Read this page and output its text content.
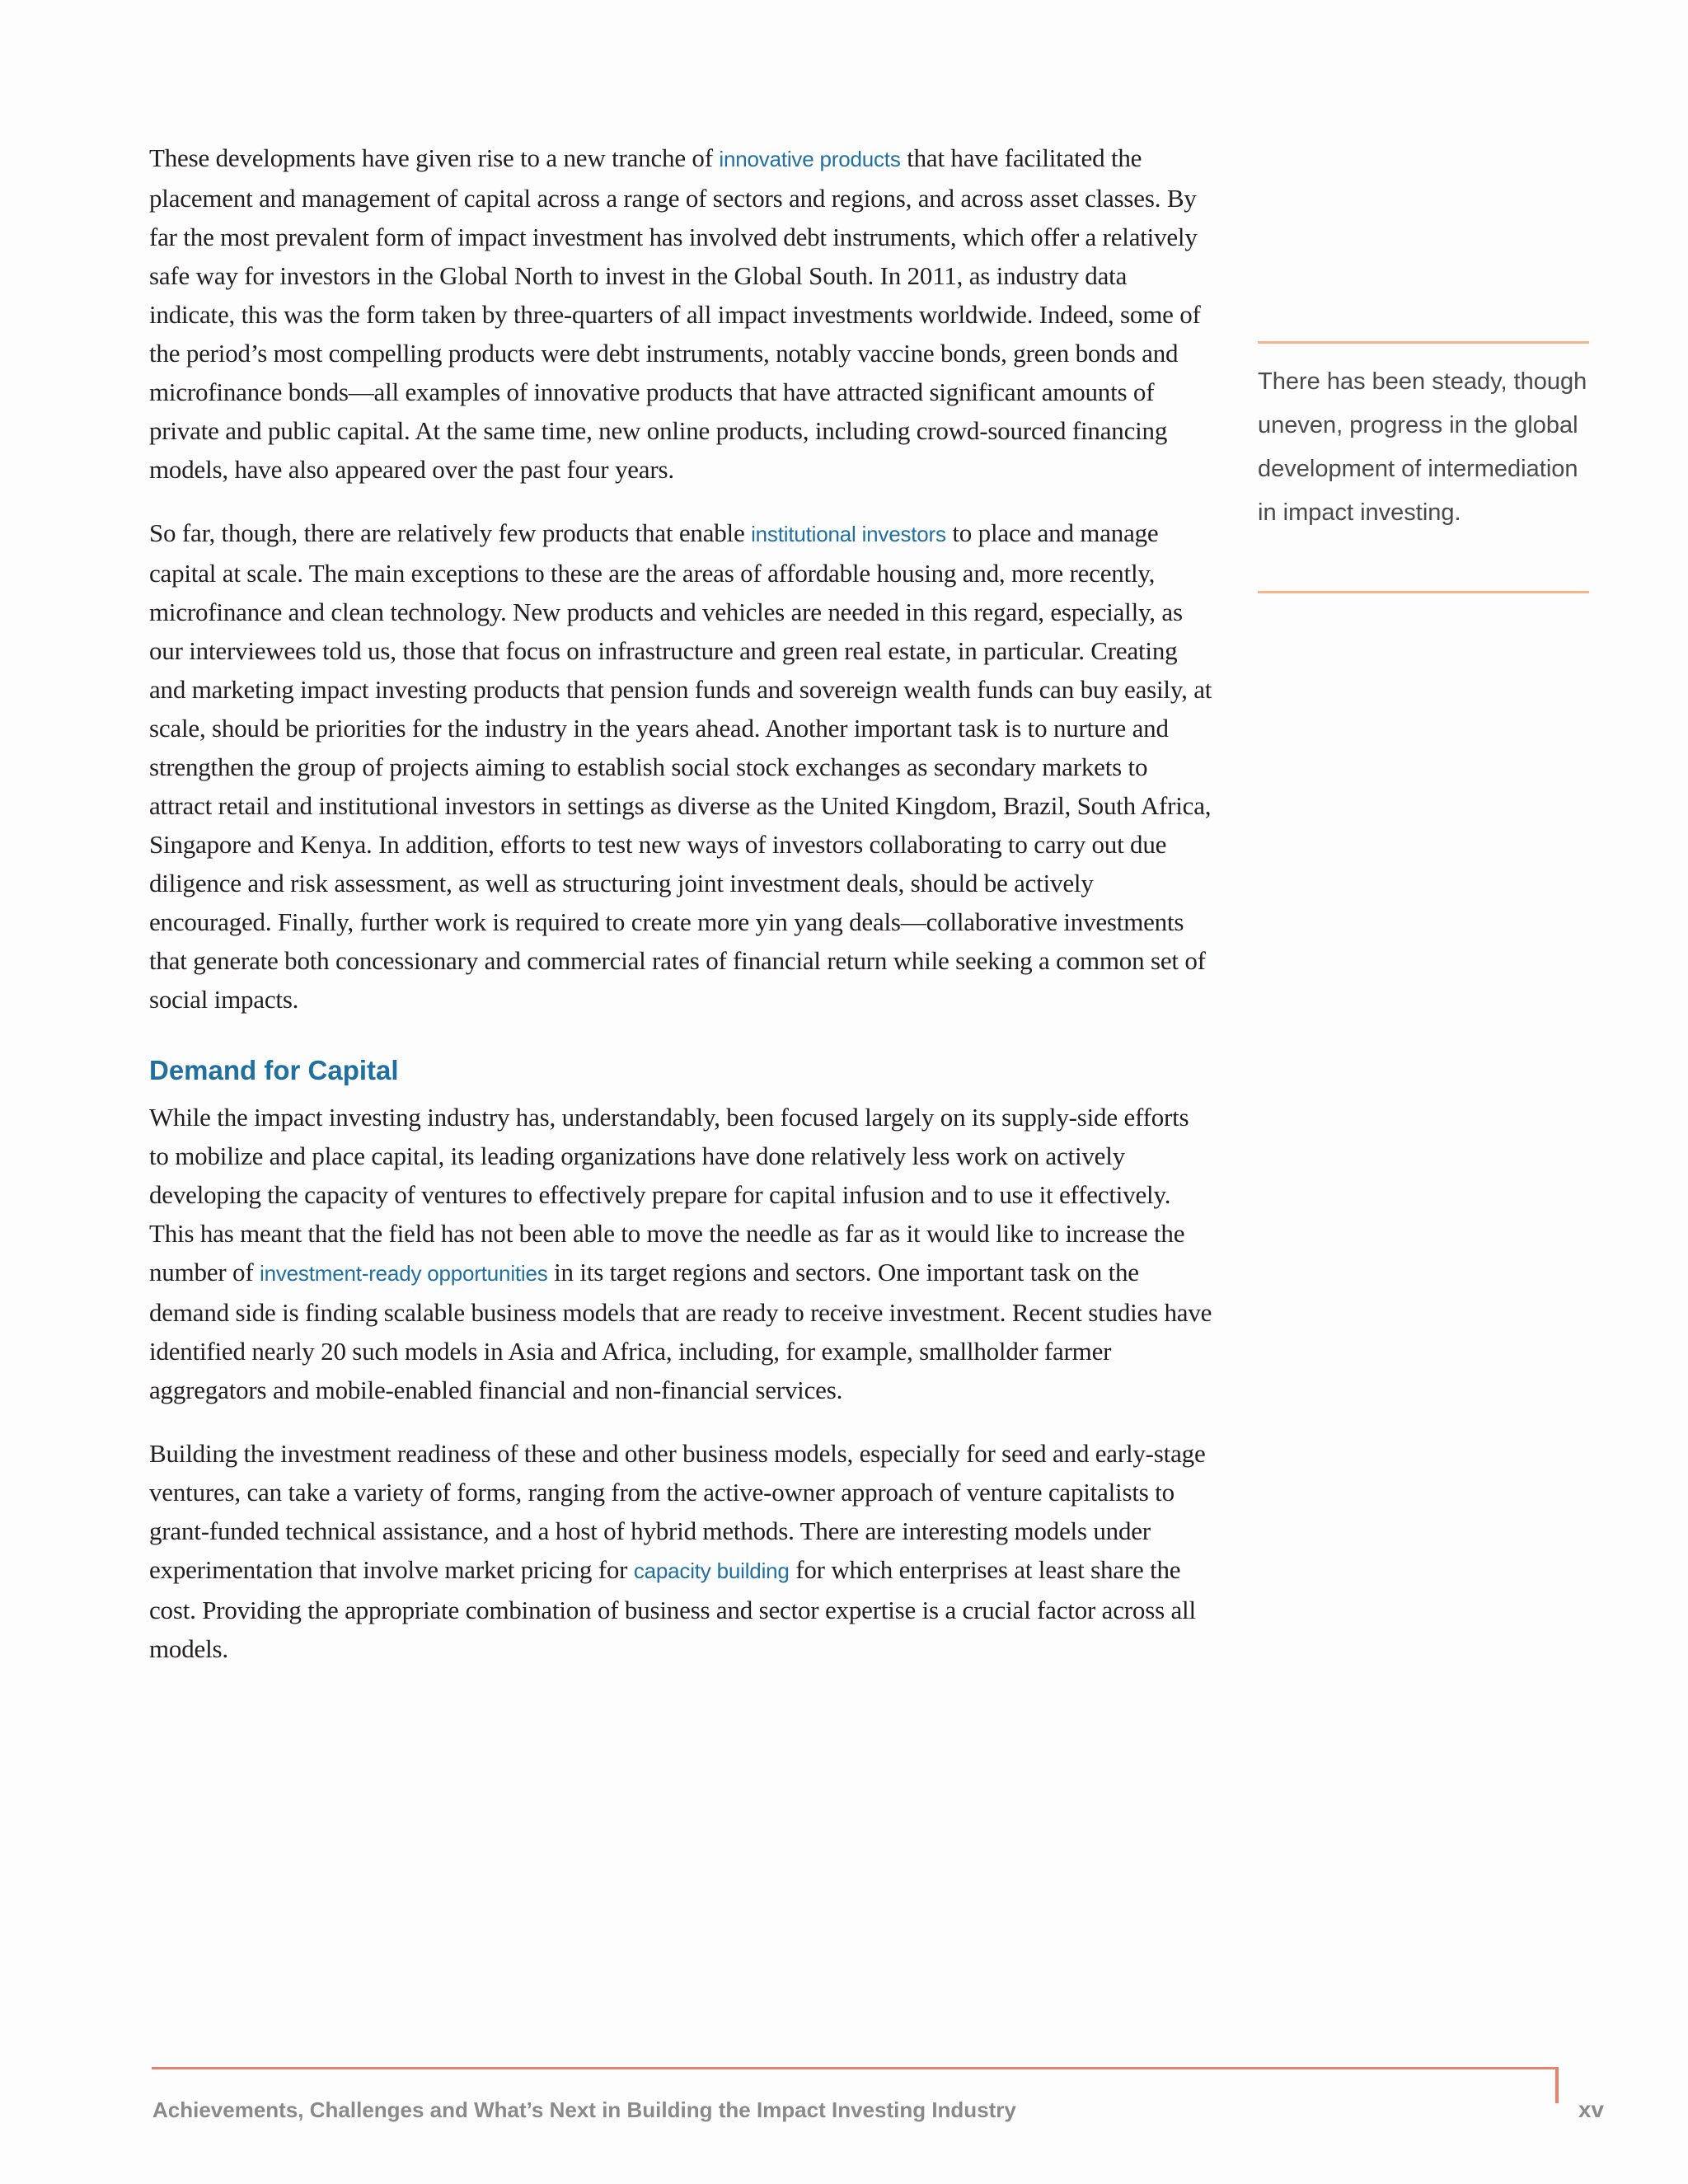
These developments have given rise to a new tranche of innovative products that have facilitated the placement and management of capital across a range of sectors and regions, and across asset classes. By far the most prevalent form of impact investment has involved debt instruments, which offer a relatively safe way for investors in the Global North to invest in the Global South. In 2011, as industry data indicate, this was the form taken by three-quarters of all impact investments worldwide. Indeed, some of the period’s most compelling products were debt instruments, notably vaccine bonds, green bonds and microfinance bonds—all examples of innovative products that have attracted significant amounts of private and public capital. At the same time, new online products, including crowd-sourced financing models, have also appeared over the past four years.

So far, though, there are relatively few products that enable institutional investors to place and manage capital at scale. The main exceptions to these are the areas of affordable housing and, more recently, microfinance and clean technology. New products and vehicles are needed in this regard, especially, as our interviewees told us, those that focus on infrastructure and green real estate, in particular. Creating and marketing impact investing products that pension funds and sovereign wealth funds can buy easily, at scale, should be priorities for the industry in the years ahead. Another important task is to nurture and strengthen the group of projects aiming to establish social stock exchanges as secondary markets to attract retail and institutional investors in settings as diverse as the United Kingdom, Brazil, South Africa, Singapore and Kenya. In addition, efforts to test new ways of investors collaborating to carry out due diligence and risk assessment, as well as structuring joint investment deals, should be actively encouraged. Finally, further work is required to create more yin yang deals—collaborative investments that generate both concessionary and commercial rates of financial return while seeking a common set of social impacts.

Demand for Capital

While the impact investing industry has, understandably, been focused largely on its supply-side efforts to mobilize and place capital, its leading organizations have done relatively less work on actively developing the capacity of ventures to effectively prepare for capital infusion and to use it effectively. This has meant that the field has not been able to move the needle as far as it would like to increase the number of investment-ready opportunities in its target regions and sectors. One important task on the demand side is finding scalable business models that are ready to receive investment. Recent studies have identified nearly 20 such models in Asia and Africa, including, for example, smallholder farmer aggregators and mobile-enabled financial and non-financial services.

Building the investment readiness of these and other business models, especially for seed and early-stage ventures, can take a variety of forms, ranging from the active-owner approach of venture capitalists to grant-funded technical assistance, and a host of hybrid methods. There are interesting models under experimentation that involve market pricing for capacity building for which enterprises at least share the cost. Providing the appropriate combination of business and sector expertise is a crucial factor across all models.

There has been steady, though uneven, progress in the global development of intermediation in impact investing.

Achievements, Challenges and What’s Next in Building the Impact Investing Industry	xv
